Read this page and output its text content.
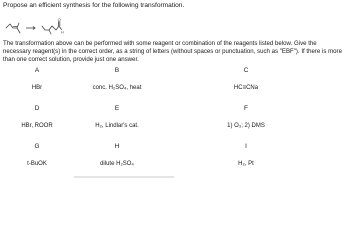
Propose an efficient synthesis for the following transformation.
O
H
The transformation above can be performed with some reagent or combination of the reagents listed below. Give the necessary reagent(s) in the correct order, as a string of letters (without spaces or punctuation, such as "EBF"). If there is more than one correct solution, provide just one answer.
A
HBr
B
conc. H₂SO₄, heat
C
HC≡CNa
D
HBr, ROOR
E
H₂, Lindlar's cat.
F
1) O₃; 2) DMS
G
t-BuOK
H
dilute H₂SO₄
I
H₂, Pt
